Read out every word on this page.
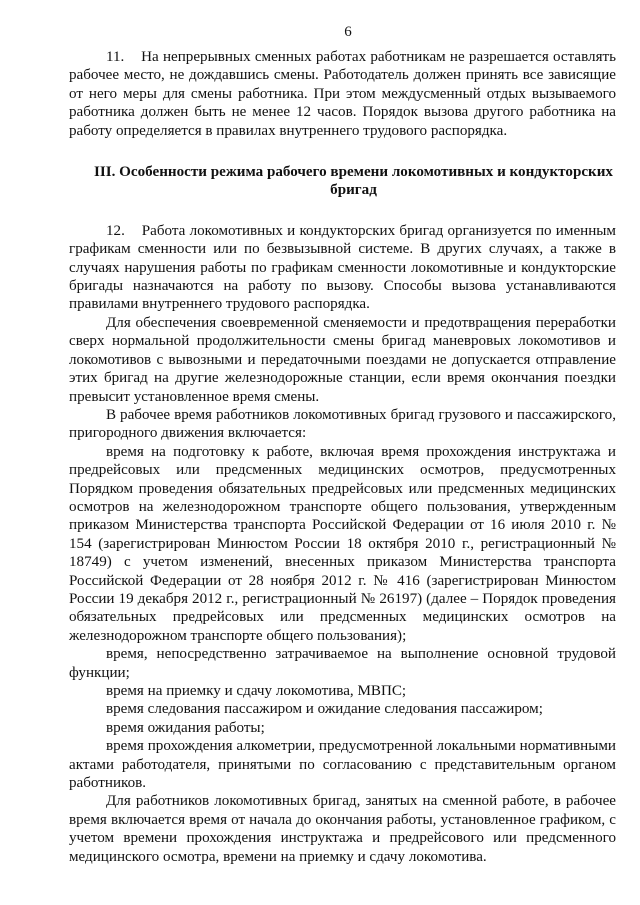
6

11.    На непрерывных сменных работах работникам не разрешается оставлять рабочее место, не дождавшись смены. Работодатель должен принять все зависящие от него меры для смены работника. При этом междусменный отдых вызываемого работника должен быть не менее 12 часов. Порядок вызова другого работника на работу определяется в правилах внутреннего трудового распорядка.

III. Особенности режима рабочего времени локомотивных и кондукторских бригад

12.    Работа локомотивных и кондукторских бригад организуется по именным графикам сменности или по безвызывной системе. В других случаях, а также в случаях нарушения работы по графикам сменности локомотивные и кондукторские бригады назначаются на работу по вызову. Способы вызова устанавливаются правилами внутреннего трудового распорядка.

Для обеспечения своевременной сменяемости и предотвращения переработки сверх нормальной продолжительности смены бригад маневровых локомотивов и локомотивов с вывозными и передаточными поездами не допускается отправление этих бригад на другие железнодорожные станции, если время окончания поездки превысит установленное время смены.

В рабочее время работников локомотивных бригад грузового и пассажирского, пригородного движения включается:

время на подготовку к работе, включая время прохождения инструктажа и предрейсовых или предсменных медицинских осмотров, предусмотренных Порядком проведения обязательных предрейсовых или предсменных медицинских осмотров на железнодорожном транспорте общего пользования, утвержденным приказом Министерства транспорта Российской Федерации от 16 июля 2010 г. № 154 (зарегистрирован Минюстом России 18 октября 2010 г., регистрационный № 18749) с учетом изменений, внесенных приказом Министерства транспорта Российской Федерации от 28 ноября 2012 г. № 416 (зарегистрирован Минюстом России 19 декабря 2012 г., регистрационный № 26197) (далее – Порядок проведения обязательных предрейсовых или предсменных медицинских осмотров на железнодорожном транспорте общего пользования);

время, непосредственно затрачиваемое на выполнение основной трудовой функции;

время на приемку и сдачу локомотива, МВПС;

время следования пассажиром и ожидание следования пассажиром;

время ожидания работы;

время прохождения алкометрии, предусмотренной локальными нормативными актами работодателя, принятыми по согласованию с представительным органом работников.

Для работников локомотивных бригад, занятых на сменной работе, в рабочее время включается время от начала до окончания работы, установленное графиком, с учетом времени прохождения инструктажа и предрейсового или предсменного медицинского осмотра, времени на приемку и сдачу локомотива.
